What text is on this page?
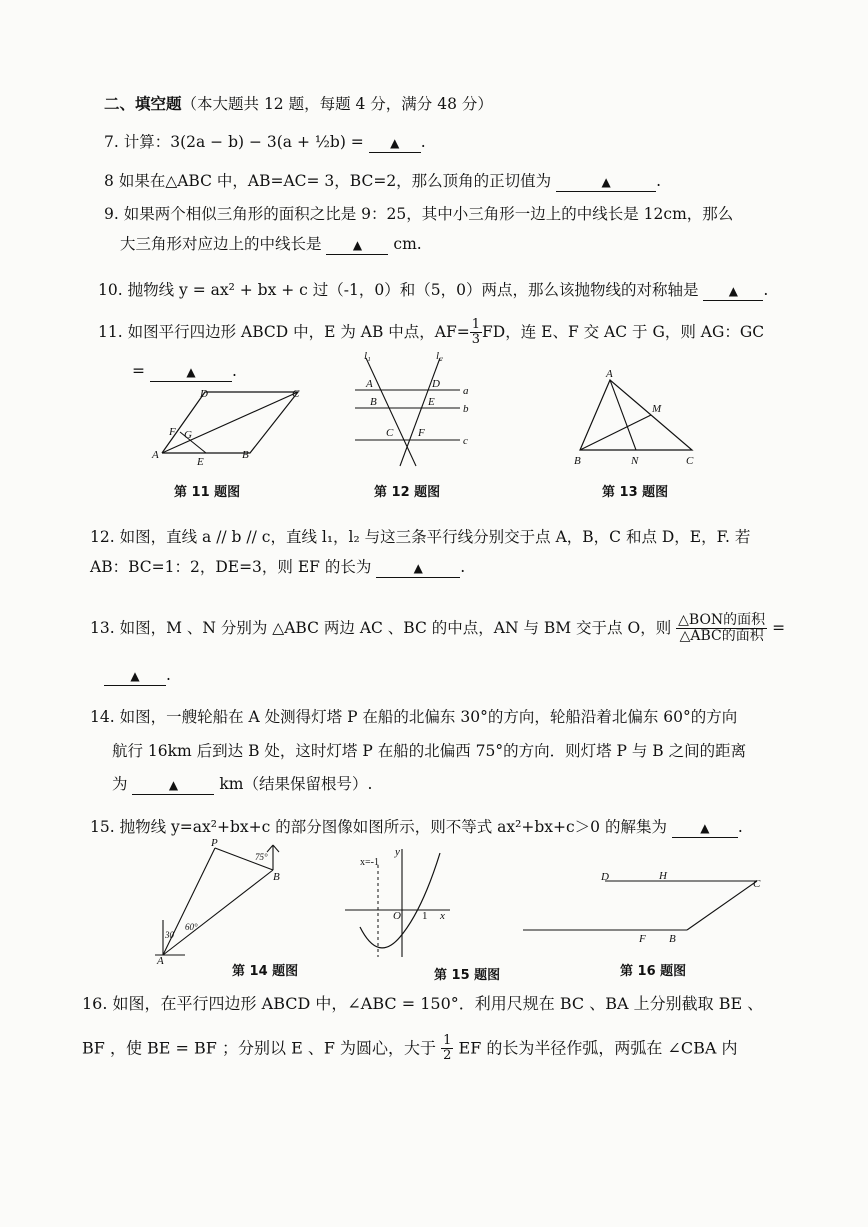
二、填空题（本大题共 12 题，每题 4 分，满分 48 分）
7. 计算：3(2a − b) − 3(a + ½b) = ▲ .
8 如果在△ABC 中，AB=AC= 3，BC=2，那么顶角的正切值为	▲	.
9. 如果两个相似三角形的面积之比是 9：25，其中小三角形一边上的中线长是 12cm，那么
大三角形对应边上的中线长是	▲ cm.
10. 抛物线 y = ax² + bx + c 过（-1，0）和（5，0）两点，那么该抛物线的对称轴是	▲ .
11. 如图平行四边形 ABCD 中，E 为 AB 中点，$AF= \frac{1}{3}$ FD，连 E、F 交 AC 于 G，则 AG：GC
=	▲ .
D	C
F G
A
E
B
第 11 题图
l₁	l₂
A	D
a
B	E
b
C F
c
第 12 题图
A
M
B	N	C
第 13 题图
12. 如图，直线 a // b // c，直线 l₁，l₂ 与这三条平行线分别交于点 A，B，C 和点 D，E，F. 若
AB：BC=1：2，DE=3，则 EF 的长为	▲ .
13. 如图，M 、N 分别为 △ABC 两边 AC 、BC 的中点，AN 与 BM 交于点 O，则 $\frac{\text{△BON的面积}}{\text{△ABC的面积}}$ =
▲ .
14. 如图，一艘轮船在 A 处测得灯塔 P 在船的北偏东 30°的方向，轮船沿着北偏东 60°的方向
航行 16km 后到达 B 处，这时灯塔 P 在船的北偏西 75°的方向．则灯塔 P 与 B 之间的距离
为	▲	km（结果保留根号）.
15. 抛物线 y=ax²+bx+c 的部分图像如图所示，则不等式 ax²+bx+c＞0 的解集为	▲ .
P
75°
B
60°
30
A
第 14 题图
x=-1
y
O 1 x
第 15 题图
D	H
C
F B
第 16 题图
16. 如图，在平行四边形 ABCD 中，∠ABC = 150°．利用尺规在 BC 、BA 上分别截取 BE 、
BF ，使 BE = BF ；分别以 E 、F 为圆心，大于 $\frac{1}{2}$ EF 的长为半径作弧，两弧在 ∠CBA 内
